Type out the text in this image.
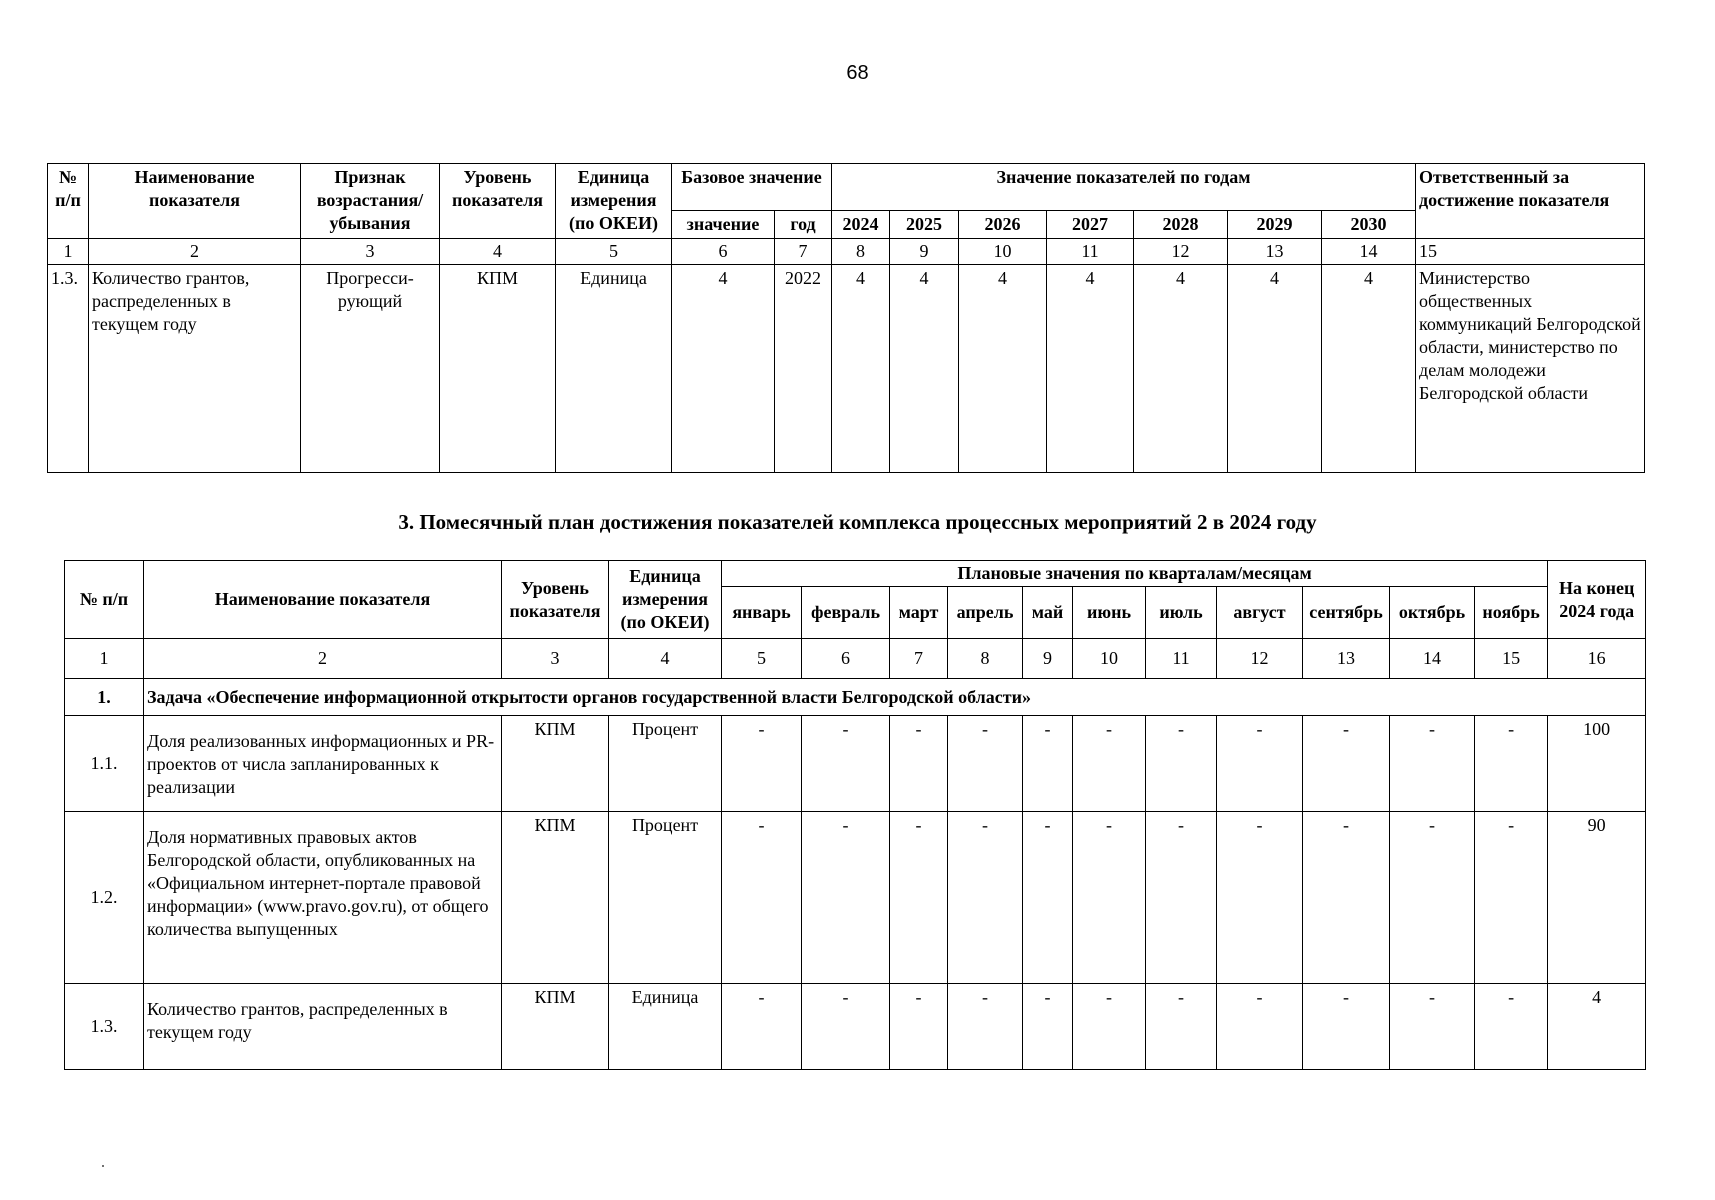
68
№ п/п	Наименование показателя	Признак возрастания/ убывания	Уровень показателя	Единица измерения (по ОКЕИ)	Базовое значение		Значение показателей по годам							Ответственный за достижение показателя
					значение	год	2024	2025	2026	2027	2028	2029	2030	
1	2	3	4	5	6	7	8	9	10	11	12	13	14	15
1.3.	Количество грантов, распределенных в текущем году	Прогресси-рующий	КПМ	Единица	4	2022	4	4	4	4	4	4	4	Министерство общественных коммуникаций Белгородской области, министерство по делам молодежи Белгородской области
3. Помесячный план достижения показателей комплекса процессных мероприятий 2 в 2024 году
№ п/п	Наименование показателя	Уровень показателя	Единица измерения (по ОКЕИ)	Плановые значения по кварталам/месяцам											На конец 2024 года
				январь	февраль	март	апрель	май	июнь	июль	август	сентябрь	октябрь	ноябрь	
1	2	3	4	5	6	7	8	9	10	11	12	13	14	15	16
1.	Задача «Обеспечение информационной открытости органов государственной власти Белгородской области»														
1.1.	Доля реализованных информационных и PR-проектов от числа запланированных к реализации	КПМ	Процент	-	-	-	-	-	-	-	-	-	-	-	100
1.2.	Доля нормативных правовых актов Белгородской области, опубликованных на «Официальном интернет-портале правовой информации» (www.pravo.gov.ru), от общего количества выпущенных	КПМ	Процент	-	-	-	-	-	-	-	-	-	-	-	90
1.3.	Количество грантов, распределенных в текущем году	КПМ	Единица	-	-	-	-	-	-	-	-	-	-	-	4
